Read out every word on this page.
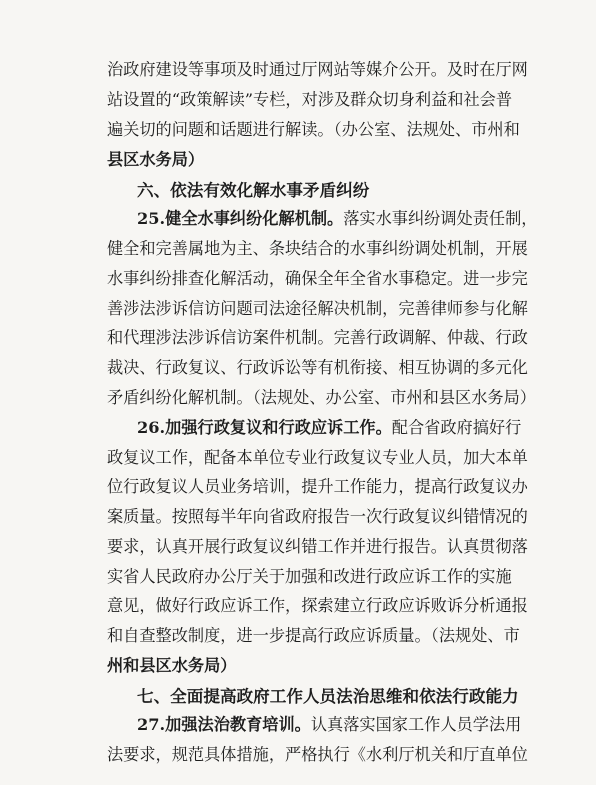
治政府建设等事项及时通过厅网站等媒介公开。及时在厅网
站设置的“政策解读”专栏，对涉及群众切身利益和社会普
遍关切的问题和话题进行解读。（办公室、法规处、市州和
县区水务局）
六、依法有效化解水事矛盾纠纷
25.健全水事纠纷化解机制。落实水事纠纷调处责任制，
健全和完善属地为主、条块结合的水事纠纷调处机制，开展
水事纠纷排查化解活动，确保全年全省水事稳定。进一步完
善涉法涉诉信访问题司法途径解决机制，完善律师参与化解
和代理涉法涉诉信访案件机制。完善行政调解、仲裁、行政
裁决、行政复议、行政诉讼等有机衔接、相互协调的多元化
矛盾纠纷化解机制。（法规处、办公室、市州和县区水务局）
26.加强行政复议和行政应诉工作。配合省政府搞好行
政复议工作，配备本单位专业行政复议专业人员，加大本单
位行政复议人员业务培训，提升工作能力，提高行政复议办
案质量。按照每半年向省政府报告一次行政复议纠错情况的
要求，认真开展行政复议纠错工作并进行报告。认真贯彻落
实省人民政府办公厅关于加强和改进行政应诉工作的实施
意见，做好行政应诉工作，探索建立行政应诉败诉分析通报
和自查整改制度，进一步提高行政应诉质量。（法规处、市
州和县区水务局）
七、全面提高政府工作人员法治思维和依法行政能力
27.加强法治教育培训。认真落实国家工作人员学法用
法要求，规范具体措施，严格执行《水利厅机关和厅直单位
